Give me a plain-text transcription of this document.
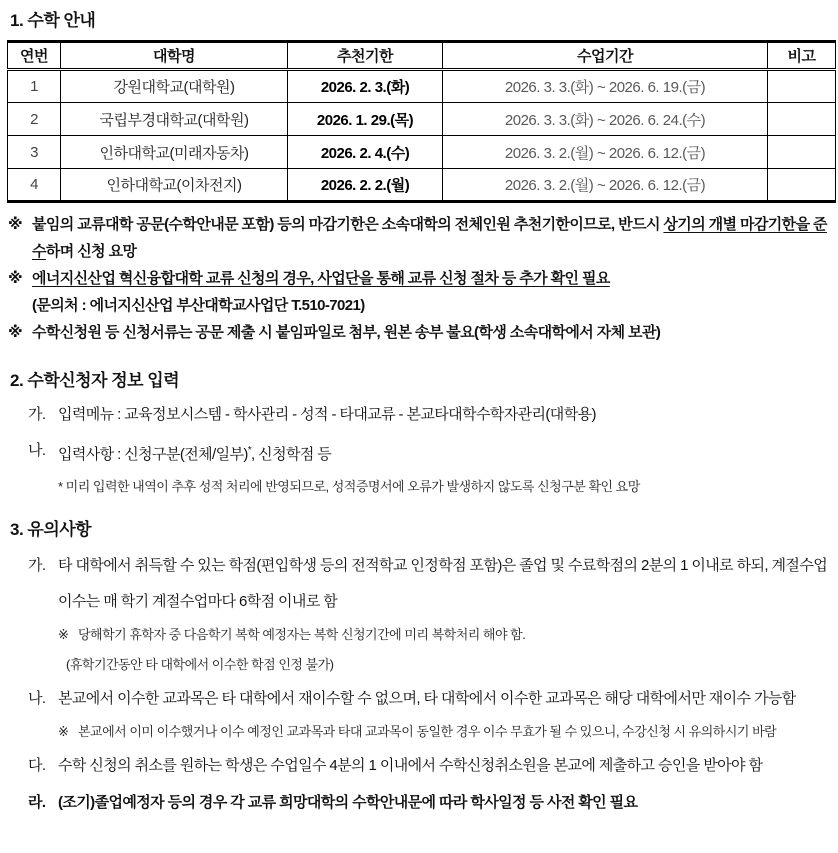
1. 수학 안내
연번	대학명	추천기한	수업기간	비고
1	강원대학교(대학원)	2026. 2. 3.(화)	2026. 3. 3.(화) ~ 2026. 6. 19.(금)	
2	국립부경대학교(대학원)	2026. 1. 29.(목)	2026. 3. 3.(화) ~ 2026. 6. 24.(수)	
3	인하대학교(미래자동차)	2026. 2. 4.(수)	2026. 3. 2.(월) ~ 2026. 6. 12.(금)	
4	인하대학교(이차전지)	2026. 2. 2.(월)	2026. 3. 2.(월) ~ 2026. 6. 12.(금)	
※ 붙임의 교류대학 공문(수학안내문 포함) 등의 마감기한은 소속대학의 전체인원 추천기한이므로, 반드시 상기의 개별 마감기한을 준수하며 신청 요망
※ 에너지신산업 혁신융합대학 교류 신청의 경우, 사업단을 통해 교류 신청 절차 등 추가 확인 필요
(문의처 : 에너지신산업 부산대학교사업단 T.510-7021)
※ 수학신청원 등 신청서류는 공문 제출 시 붙임파일로 첨부, 원본 송부 불요(학생 소속대학에서 자체 보관)
2. 수학신청자 정보 입력
가. 입력메뉴 : 교육정보시스템 - 학사관리 - 성적 - 타대교류 - 본교타대학수학자관리(대학용)
나. 입력사항 : 신청구분(전체/일부)*, 신청학점 등
* 미리 입력한 내역이 추후 성적 처리에 반영되므로, 성적증명서에 오류가 발생하지 않도록 신청구분 확인 요망
3. 유의사항
가. 타 대학에서 취득할 수 있는 학점(편입학생 등의 전적학교 인정학점 포함)은 졸업 및 수료학점의 2분의 1 이내로 하되, 계절수업 이수는 매 학기 계절수업마다 6학점 이내로 함
※ 당해학기 휴학자 중 다음학기 복학 예정자는 복학 신청기간에 미리 복학처리 해야 함.
(휴학기간동안 타 대학에서 이수한 학점 인정 불가)
나. 본교에서 이수한 교과목은 타 대학에서 재이수할 수 없으며, 타 대학에서 이수한 교과목은 해당 대학에서만 재이수 가능함
※ 본교에서 이미 이수했거나 이수 예정인 교과목과 타대 교과목이 동일한 경우 이수 무효가 될 수 있으니, 수강신청 시 유의하시기 바람
다. 수학 신청의 취소를 원하는 학생은 수업일수 4분의 1 이내에서 수학신청취소원을 본교에 제출하고 승인을 받아야 함
라. (조기)졸업예정자 등의 경우 각 교류 희망대학의 수학안내문에 따라 학사일정 등 사전 확인 필요
